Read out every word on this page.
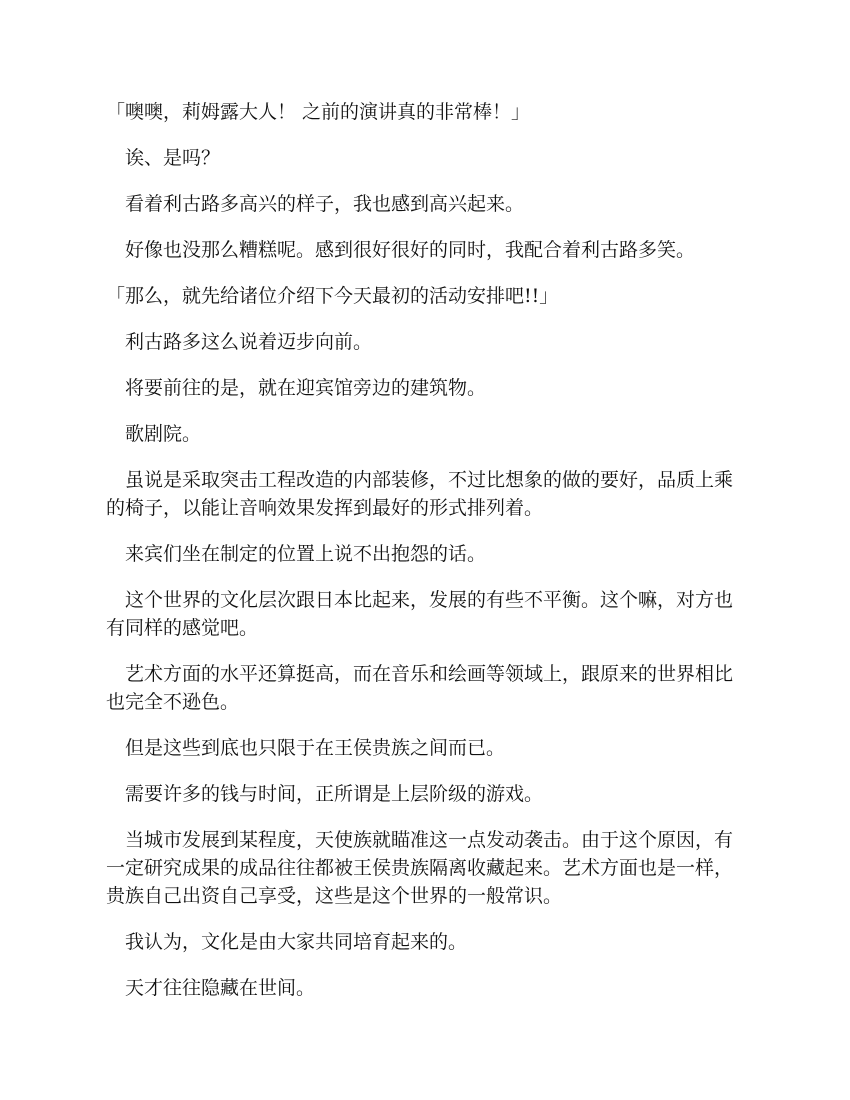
「噢噢，莉姆露大人！ 之前的演讲真的非常棒！」

诶、是吗？

看着利古路多高兴的样子，我也感到高兴起来。

好像也没那么糟糕呢。感到很好很好的同时，我配合着利古路多笑。

「那么，就先给诸位介绍下今天最初的活动安排吧!!」

利古路多这么说着迈步向前。

将要前往的是，就在迎宾馆旁边的建筑物。

歌剧院。

虽说是采取突击工程改造的内部装修，不过比想象的做的要好，品质上乘的椅子，以能让音响效果发挥到最好的形式排列着。

来宾们坐在制定的位置上说不出抱怨的话。

这个世界的文化层次跟日本比起来，发展的有些不平衡。这个嘛，对方也有同样的感觉吧。

艺术方面的水平还算挺高，而在音乐和绘画等领域上，跟原来的世界相比也完全不逊色。

但是这些到底也只限于在王侯贵族之间而已。

需要许多的钱与时间，正所谓是上层阶级的游戏。

当城市发展到某程度，天使族就瞄准这一点发动袭击。由于这个原因，有一定研究成果的成品往往都被王侯贵族隔离收藏起来。艺术方面也是一样，贵族自己出资自己享受，这些是这个世界的一般常识。

我认为，文化是由大家共同培育起来的。

天才往往隐藏在世间。
